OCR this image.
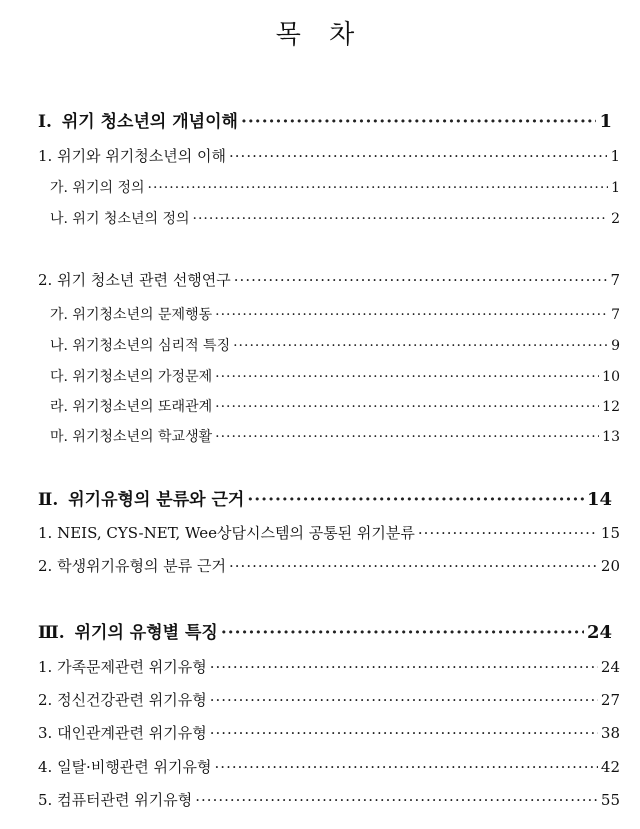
목 차
Ⅰ. 위기 청소년의 개념이해 ·····	1
1. 위기와 위기청소년의 이해 ·····	1
가. 위기의 정의 ·····	1
나. 위기 청소년의 정의 ·····	2
2. 위기 청소년 관련 선행연구 ·····	7
가. 위기청소년의 문제행동 ·····	7
나. 위기청소년의 심리적 특징 ·····	9
다. 위기청소년의 가정문제 ·····	10
라. 위기청소년의 또래관계 ·····	12
마. 위기청소년의 학교생활 ·····	13
Ⅱ. 위기유형의 분류와 근거 ·····	14
1. NEIS, CYS-NET, Wee상담시스템의 공통된 위기분류 ·····	15
2. 학생위기유형의 분류 근거 ·····	20
Ⅲ. 위기의 유형별 특징 ·····	24
1. 가족문제관련 위기유형 ·····	24
2. 정신건강관련 위기유형 ·····	27
3. 대인관계관련 위기유형 ·····	38
4. 일탈·비행관련 위기유형 ·····	42
5. 컴퓨터관련 위기유형 ·····	55
